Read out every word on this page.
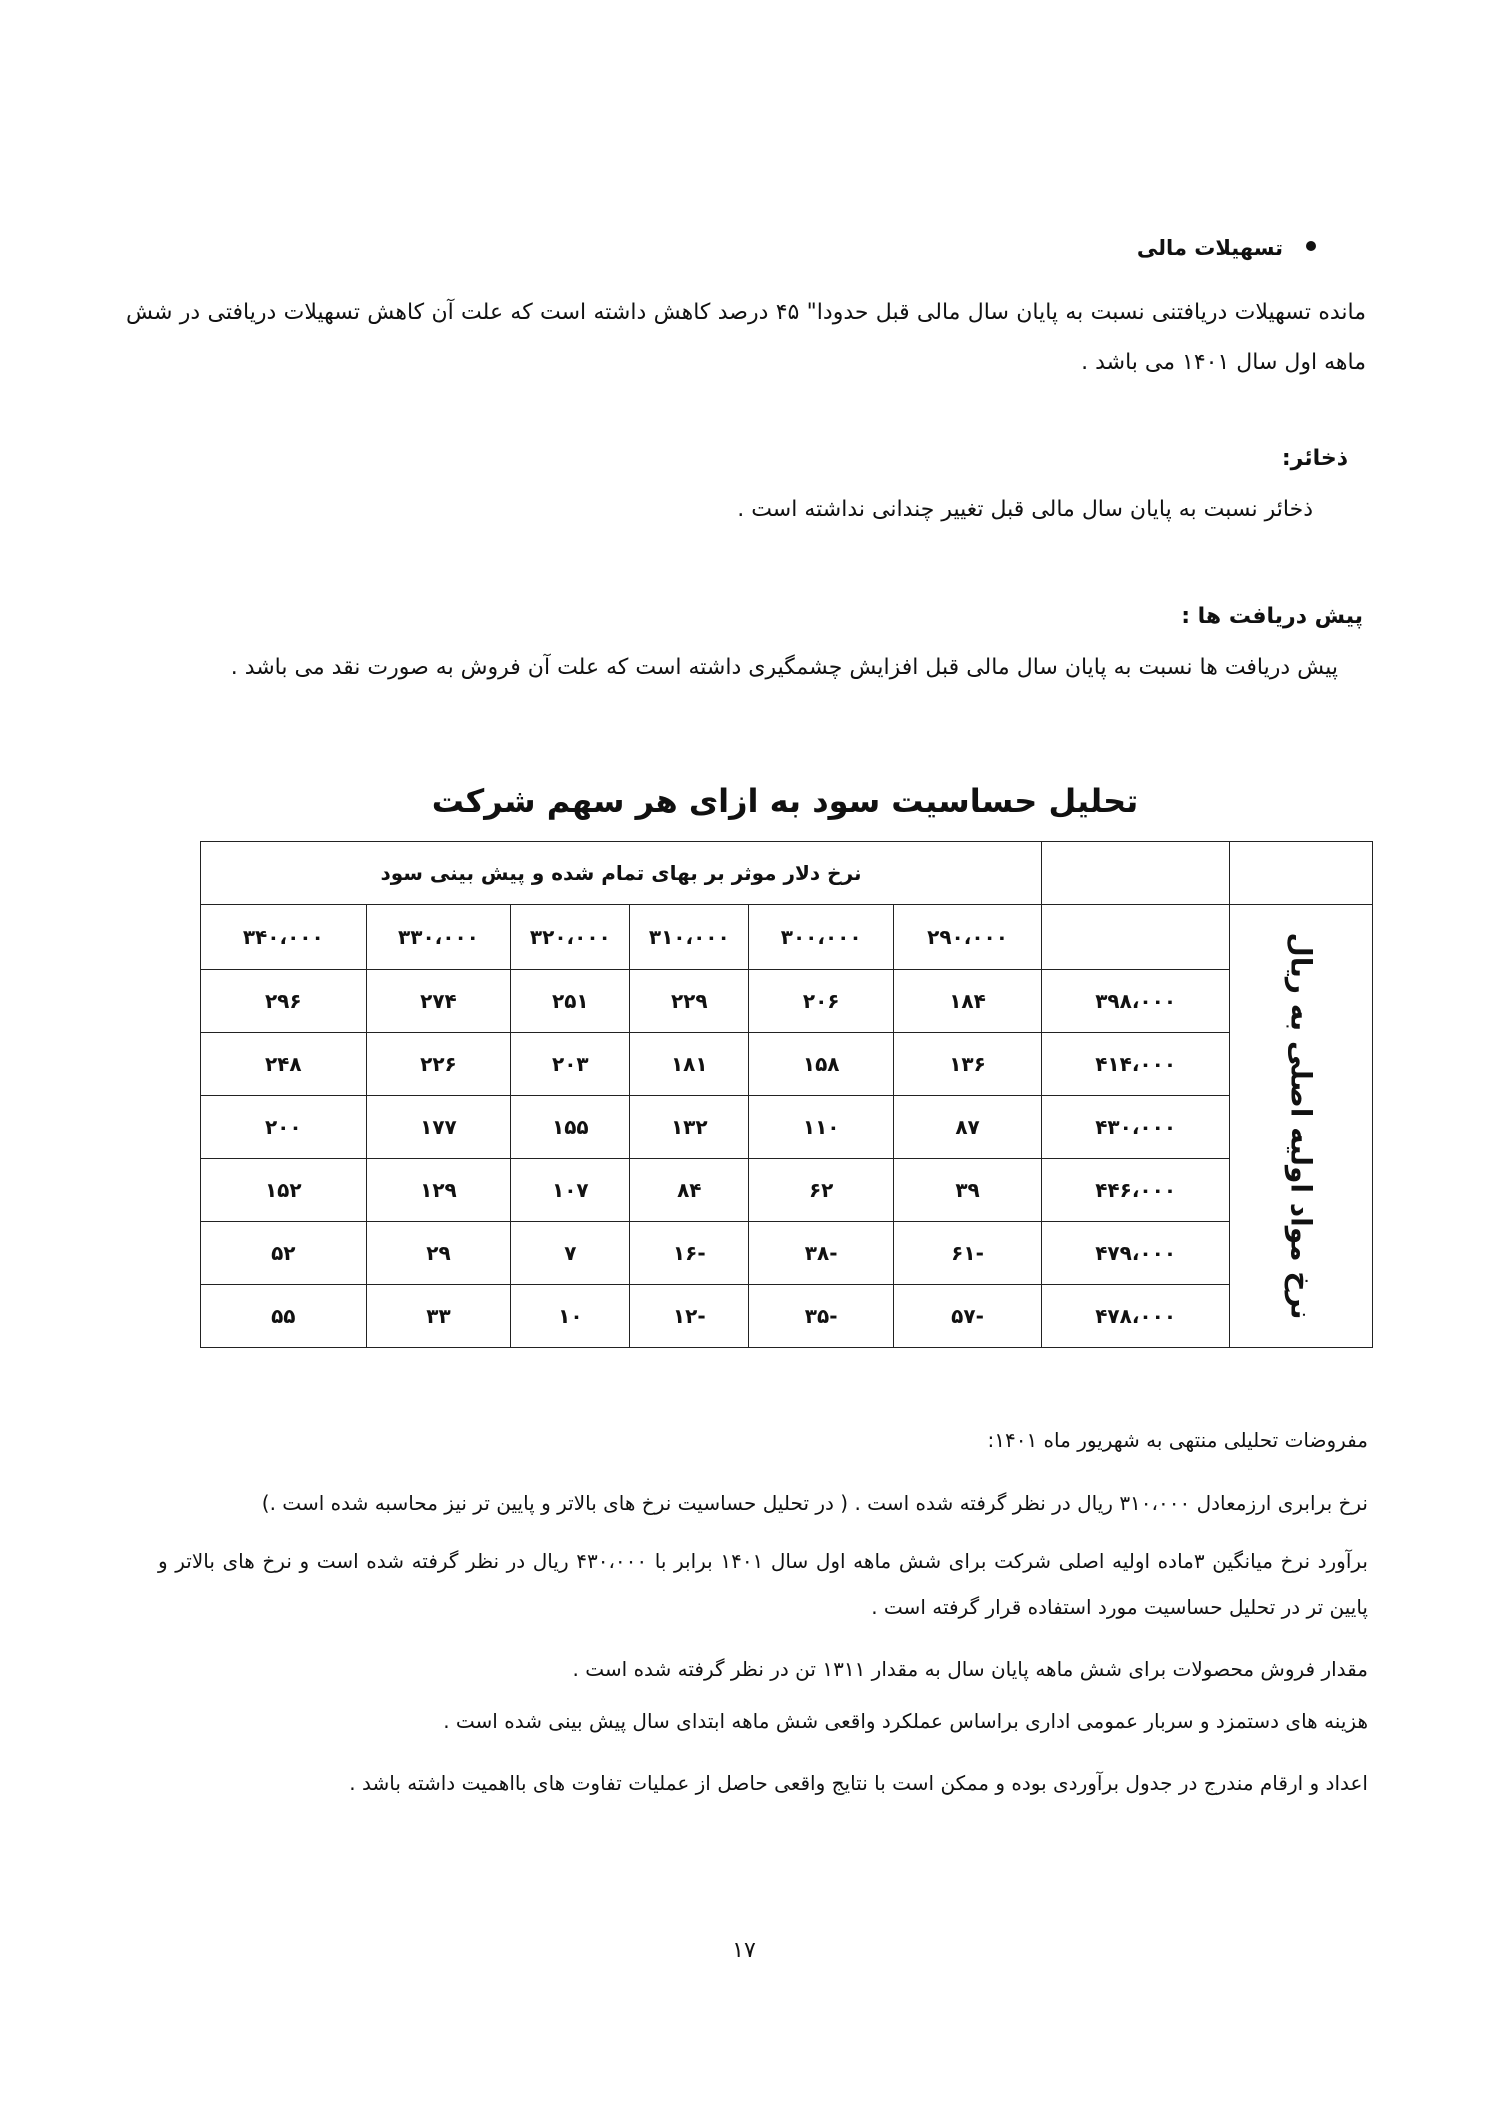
تسهیلات مالی
مانده تسهیلات دریافتنی نسبت به پایان سال مالی قبل حدودا" ۴۵ درصد کاهش داشته است که علت آن کاهش تسهیلات دریافتی در شش ماهه اول سال ۱۴۰۱ می باشد .
ذخائر:
ذخائر نسبت به پایان سال مالی قبل تغییر چندانی نداشته است .
پیش دریافت ها :
پیش دریافت ها نسبت به پایان سال مالی قبل افزایش چشمگیری داشته است که علت آن فروش به صورت نقد می باشد .
تحلیل حساسیت سود به ازای هر سهم شرکت
		نرخ دلار موثر بر بهای تمام شده و پیش بینی سود					

نرخ مواد اولیه اصلی به ریال		۲۹۰،۰۰۰	۳۰۰،۰۰۰	۳۱۰،۰۰۰	۳۲۰،۰۰۰	۳۳۰،۰۰۰	۳۴۰،۰۰۰
	۳۹۸،۰۰۰	۱۸۴	۲۰۶	۲۲۹	۲۵۱	۲۷۴	۲۹۶
	۴۱۴،۰۰۰	۱۳۶	۱۵۸	۱۸۱	۲۰۳	۲۲۶	۲۴۸
	۴۳۰،۰۰۰	۸۷	۱۱۰	۱۳۲	۱۵۵	۱۷۷	۲۰۰
	۴۴۶،۰۰۰	۳۹	۶۲	۸۴	۱۰۷	۱۲۹	۱۵۲
	۴۷۹،۰۰۰	-۶۱	-۳۸	-۱۶	۷	۲۹	۵۲
	۴۷۸،۰۰۰	-۵۷	-۳۵	-۱۲	۱۰	۳۳	۵۵
مفروضات تحلیلی منتهی به شهریور ماه ۱۴۰۱:
نرخ برابری ارزمعادل ۳۱۰،۰۰۰ ریال در نظر گرفته شده است . ( در تحلیل حساسیت نرخ های بالاتر و پایین تر نیز محاسبه شده است .)
برآورد نرخ میانگین ۳ماده اولیه اصلی شرکت برای شش ماهه اول سال ۱۴۰۱ برابر با ۴۳۰،۰۰۰ ریال در نظر گرفته شده است و نرخ های بالاتر و پایین تر در تحلیل حساسیت مورد استفاده قرار گرفته است .
مقدار فروش محصولات برای شش ماهه پایان سال به مقدار ۱۳۱۱ تن در نظر گرفته شده است .
هزینه های دستمزد و سربار عمومی اداری براساس عملکرد واقعی شش ماهه ابتدای سال پیش بینی شده است .
اعداد و ارقام مندرج در جدول برآوردی بوده و ممکن است با نتایج واقعی حاصل از عملیات تفاوت های بااهمیت داشته باشد .
۱۷
